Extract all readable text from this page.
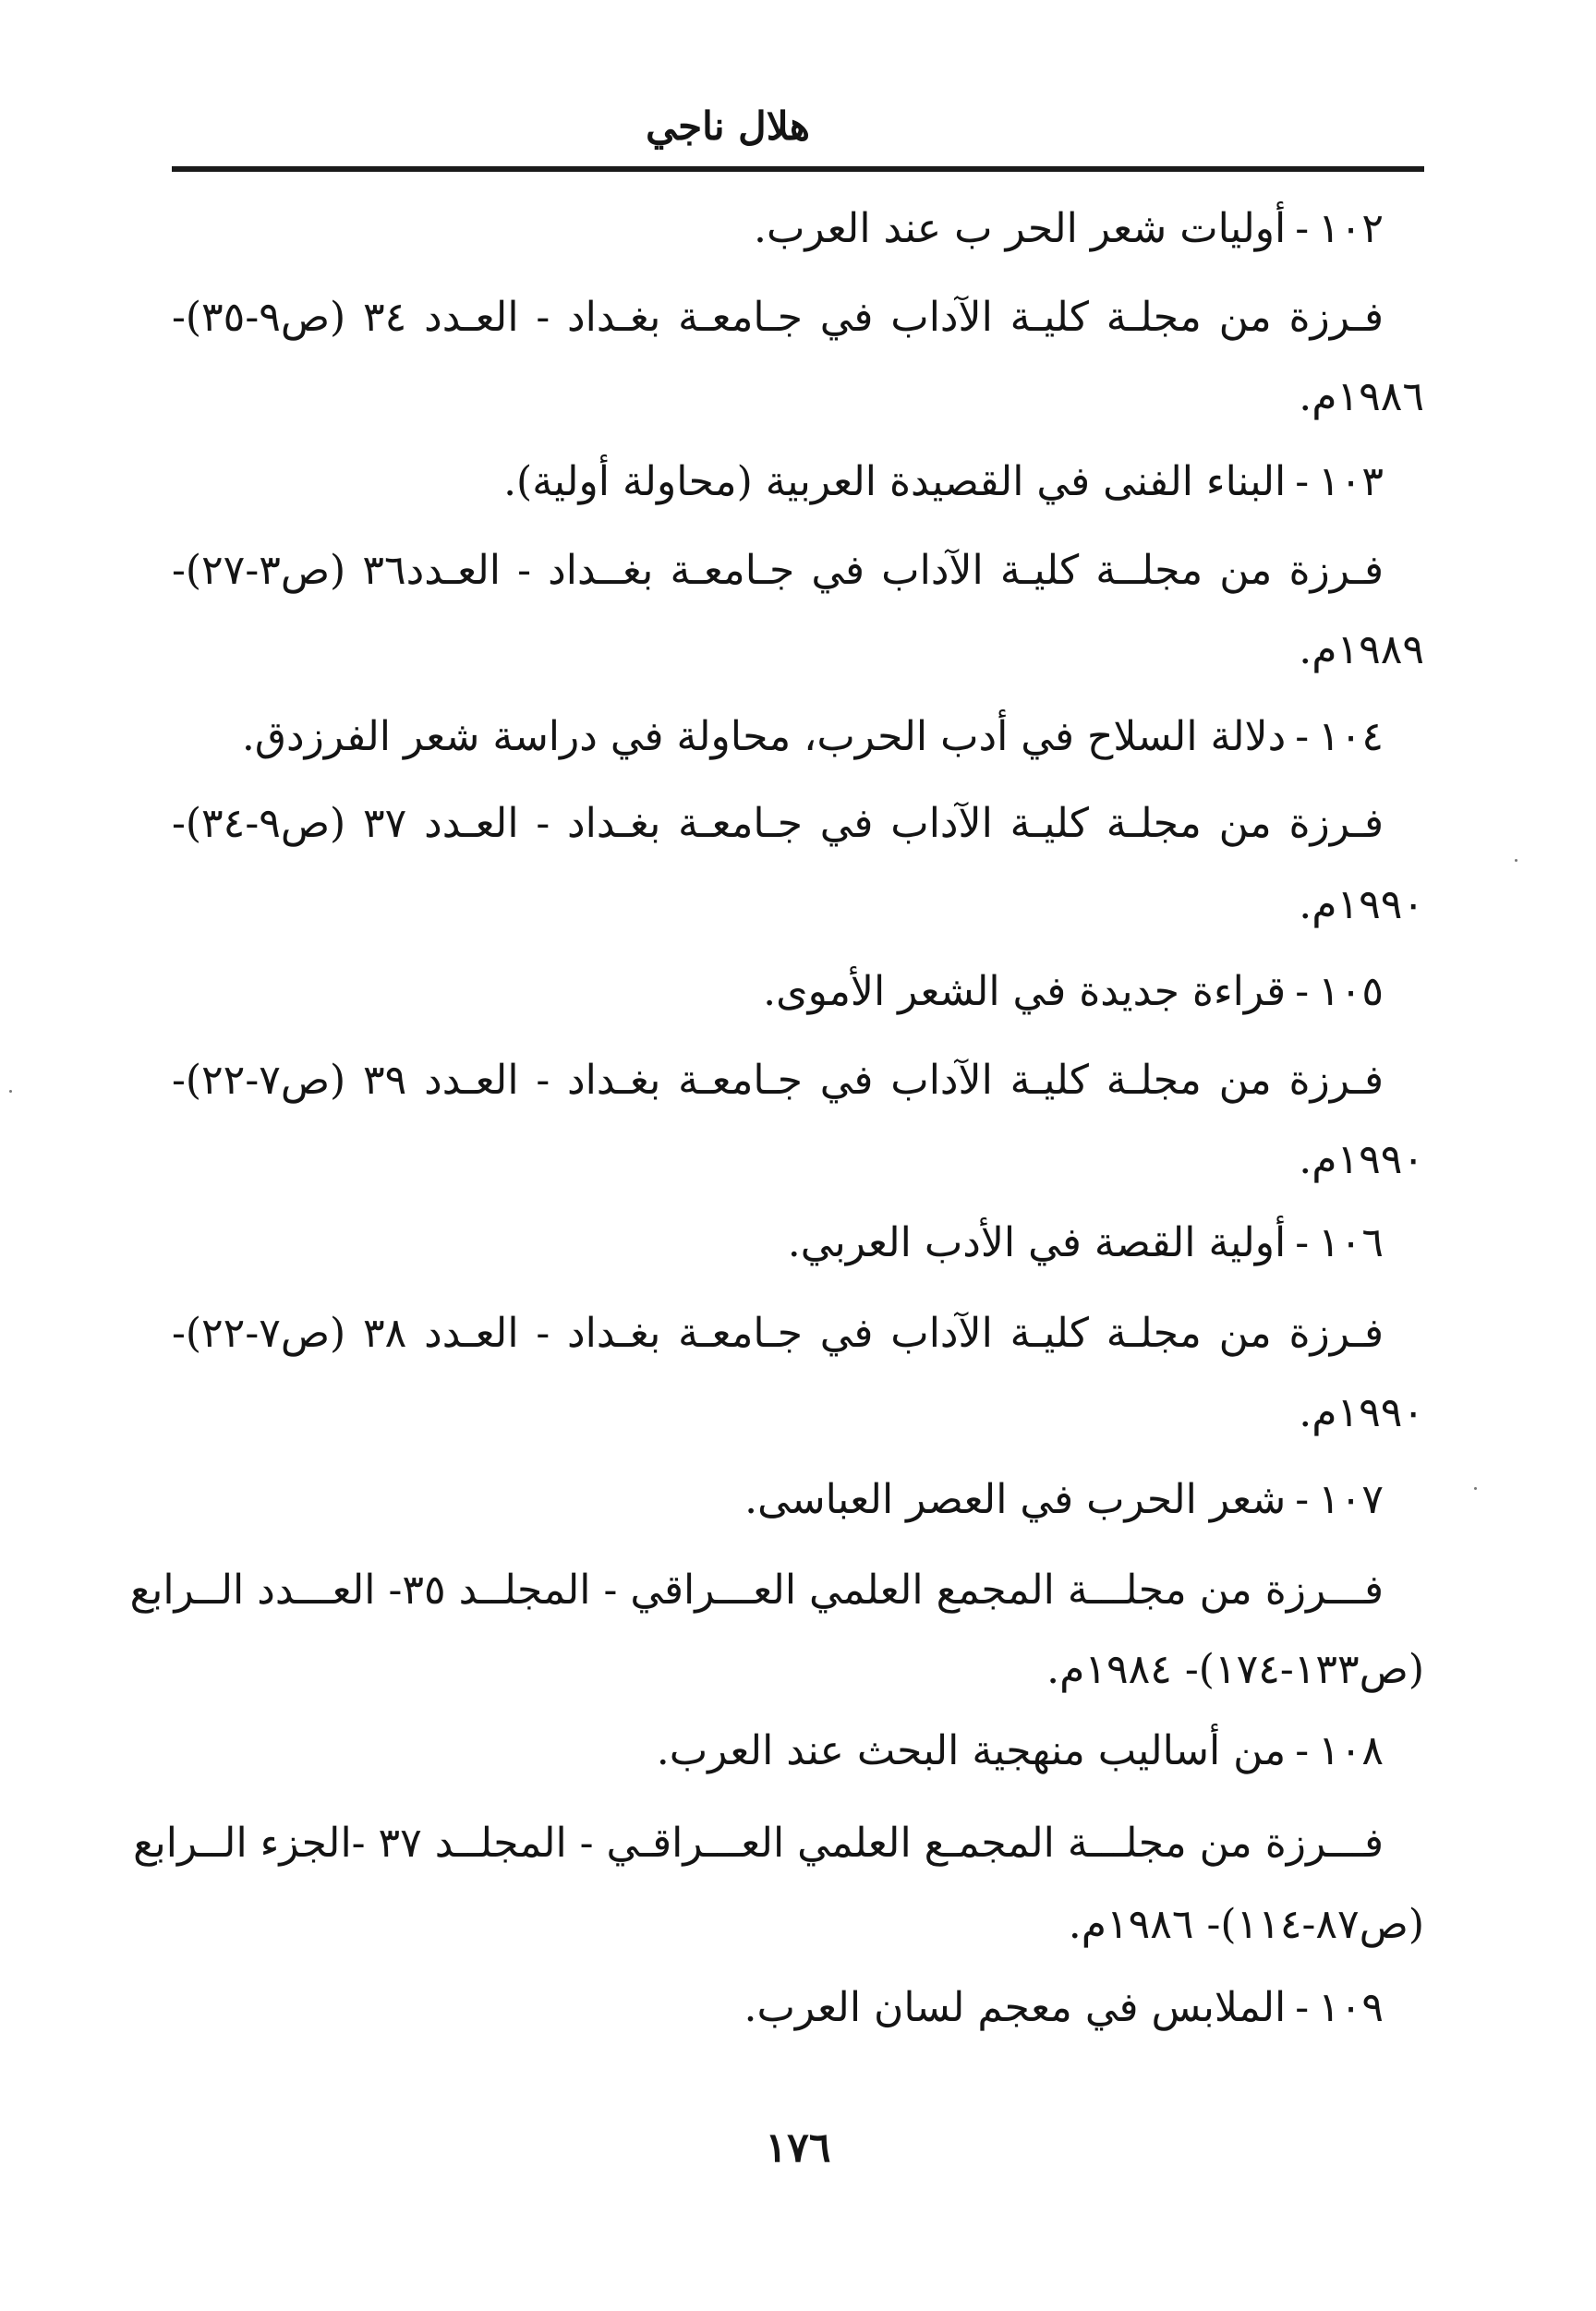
هلال ناجي
١٠٢-أوليات شعر الحر ب عند العرب.
فـرزة من مجلـة كليـة الآداب في جـامعـة بغـداد - العـدد ٣٤ (ص٩-٣٥)-
١٩٨٦م.
١٠٣-البناء الفنى في القصيدة العربية (محاولة أولية).
فـرزة من مجلــة كليـة الآداب في جـامعـة بغــداد - العـدد٣٦ (ص٣-٢٧)-
١٩٨٩م.
١٠٤-دلالة السلاح في أدب الحرب، محاولة في دراسة شعر الفرزدق.
فـرزة من مجلـة كليـة الآداب في جـامعـة بغـداد - العـدد ٣٧ (ص٩-٣٤)-
١٩٩٠م.
١٠٥-قراءة جديدة في الشعر الأموى.
فـرزة من مجلـة كليـة الآداب في جـامعـة بغـداد - العـدد ٣٩ (ص٧-٢٢)-
١٩٩٠م.
١٠٦-أولية القصة في الأدب العربي.
فـرزة من مجلـة كليـة الآداب في جـامعـة بغـداد - العـدد ٣٨ (ص٧-٢٢)-
١٩٩٠م.
١٠٧-شعر الحرب في العصر العباسى.
فـــرزة من مجلـــة المجمع العلمي العـــراقي - المجلــد ٣٥- العـــدد الــرابع
(ص١٣٣-١٧٤)- ١٩٨٤م.
١٠٨-من أساليب منهجية البحث عند العرب.
فـــرزة من مجلـــة المجمـع العلمي العـــراقـي - المجلــد ٣٧ -الجزء الــرابع
(ص٨٧-١١٤)- ١٩٨٦م.
١٠٩-الملابس في معجم لسان العرب.
١٧٦
